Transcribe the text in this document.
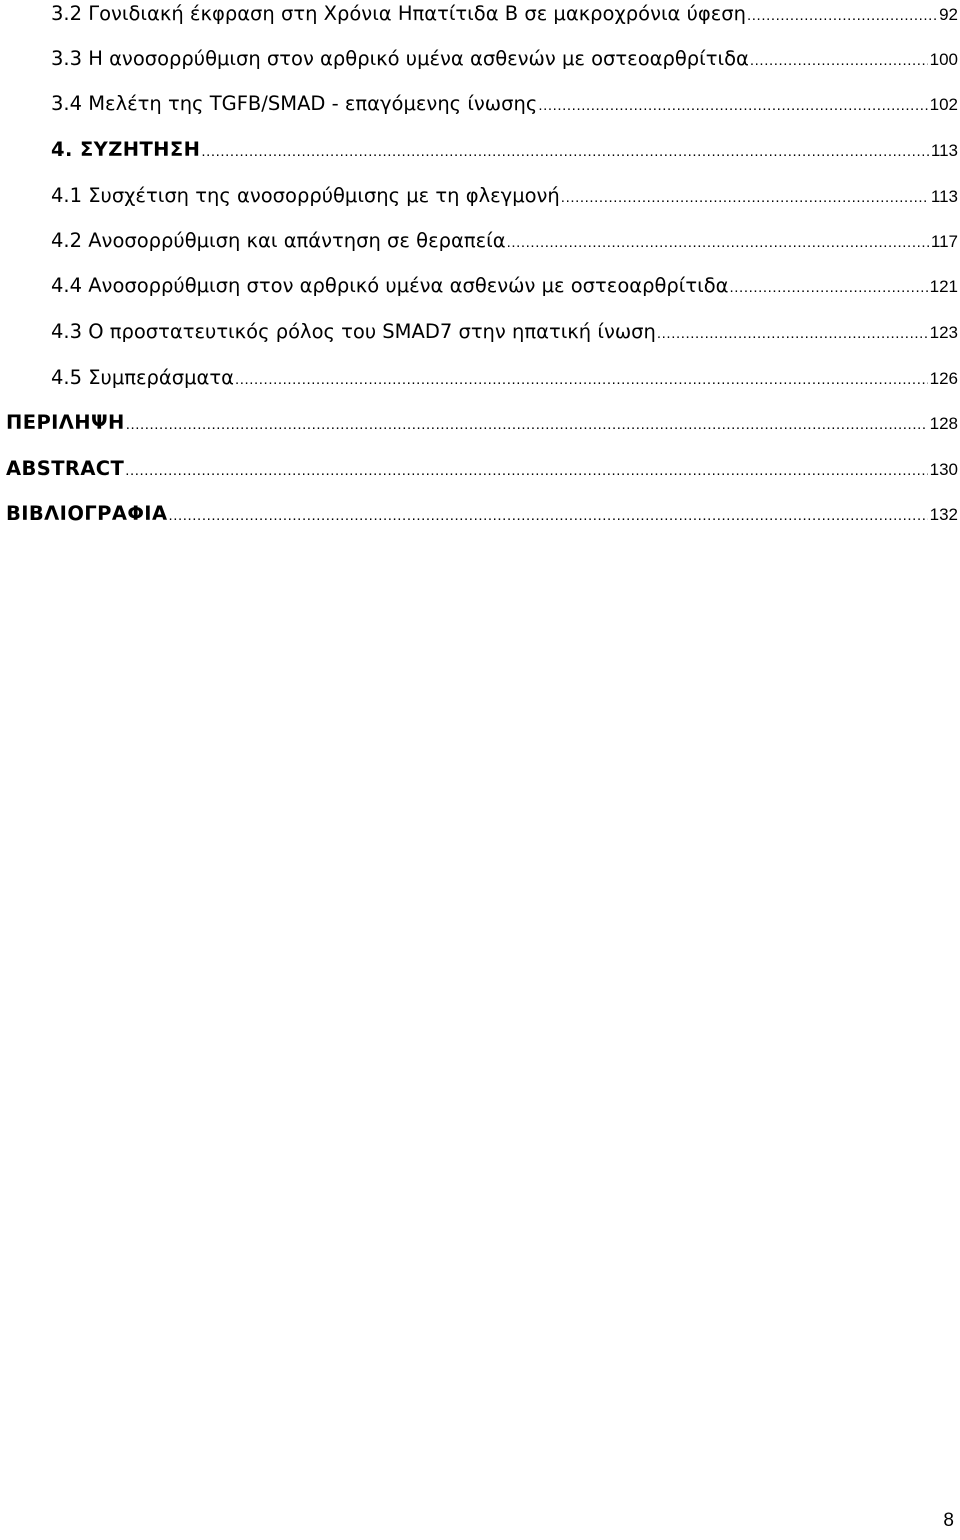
3.2 Γονιδιακή έκφραση στη Χρόνια Ηπατίτιδα Β σε μακροχρόνια ύφεση .....	92
3.3 Η ανοσορρύθμιση στον αρθρικό υμένα ασθενών με οστεοαρθρίτιδα .....	100
3.4 Μελέτη της TGFB/SMAD - επαγόμενης ίνωσης .....	102
4. ΣΥΖΗΤΗΣΗ .....	113
4.1 Συσχέτιση της ανοσορρύθμισης με τη φλεγμονή .....	113
4.2 Ανοσορρύθμιση και απάντηση σε θεραπεία .....	117
4.4 Ανοσορρύθμιση στον αρθρικό υμένα ασθενών με οστεοαρθρίτιδα .....	121
4.3 Ο προστατευτικός ρόλος του SMAD7 στην ηπατική ίνωση .....	123
4.5 Συμπεράσματα .....	126
ΠΕΡΙΛΗΨΗ .....	128
ABSTRACT .....	130
ΒΙΒΛΙΟΓΡΑΦΙΑ .....	132
8
